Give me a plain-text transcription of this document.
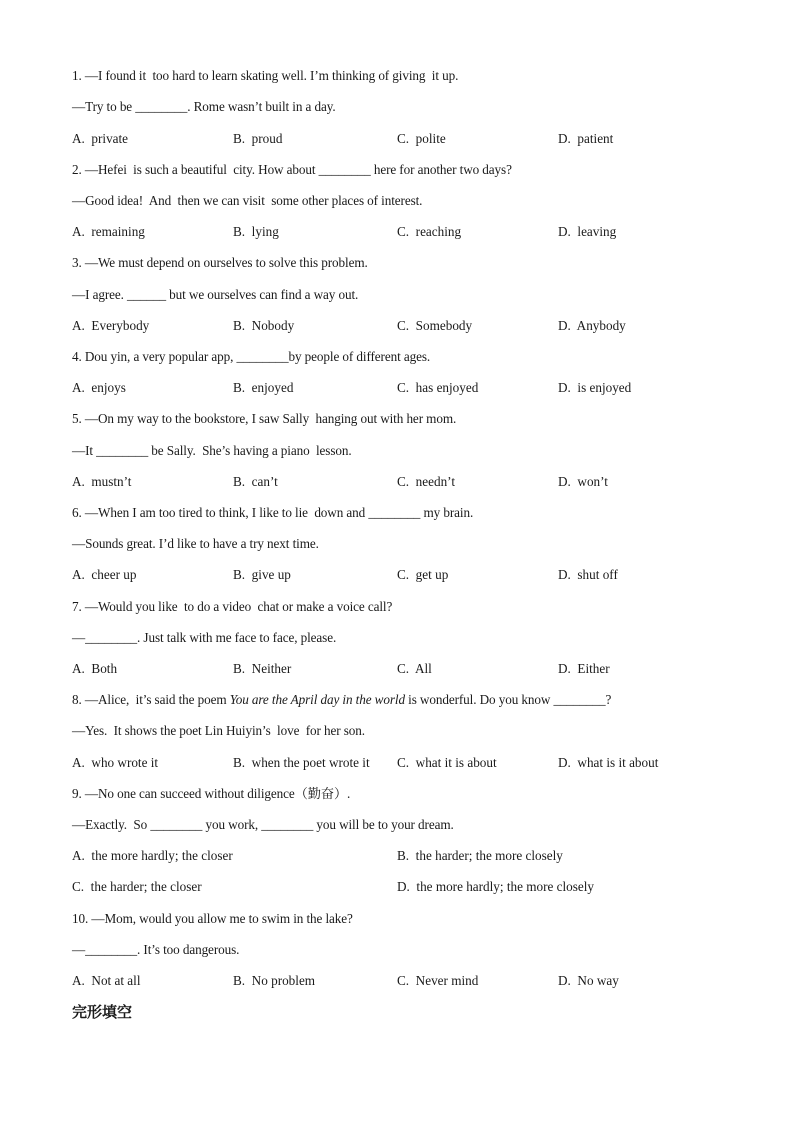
1. —I found it  too hard to learn skating well. I’m thinking of giving  it up.
—Try to be ________. Rome wasn’t built in a day.
A.  private	B.  proud	C.  polite	D.  patient
2. —Hefei  is such a beautiful  city. How about ________ here for another two days?
—Good idea!  And  then we can visit  some other places of interest.
A.  remaining	B.  lying	C.  reaching	D.  leaving
3. —We must depend on ourselves to solve this problem.
—I agree. ______ but we ourselves can find a way out.
A.  Everybody	B.  Nobody	C.  Somebody	D.  Anybody
4. Dou yin, a very popular app, ________by people of different ages.
A.  enjoys	B.  enjoyed	C.  has enjoyed	D.  is enjoyed
5. —On my way to the bookstore, I saw Sally  hanging out with her mom.
—It ________ be Sally.  She’s having a piano  lesson.
A.  mustn’t	B.  can’t	C.  needn’t	D.  won’t
6. —When I am too tired to think, I like to lie  down and ________ my brain.
—Sounds great. I’d like to have a try next time.
A.  cheer up	B.  give up	C.  get up	D.  shut off
7. —Would you like  to do a video  chat or make a voice call?
—________. Just talk with me face to face, please.
A.  Both	B.  Neither	C.  All	D.  Either
8. —Alice,  it’s said the poem You are the April day in the world is wonderful. Do you know ________?
—Yes.  It shows the poet Lin Huiyin’s  love  for her son.
A.  who wrote it	B.  when the poet wrote it C.  what it is about	D.  what is it about
9. —No one can succeed without diligence（勤奋）.
—Exactly.  So ________ you work, ________ you will be to your dream.
A.  the more hardly; the closer	B.  the harder; the more closely
C.  the harder; the closer	D.  the more hardly; the more closely
10. —Mom, would you allow me to swim in the lake?
—________. It’s too dangerous.
A.  Not at all	B.  No problem	C.  Never mind	D.  No way
完形填空
